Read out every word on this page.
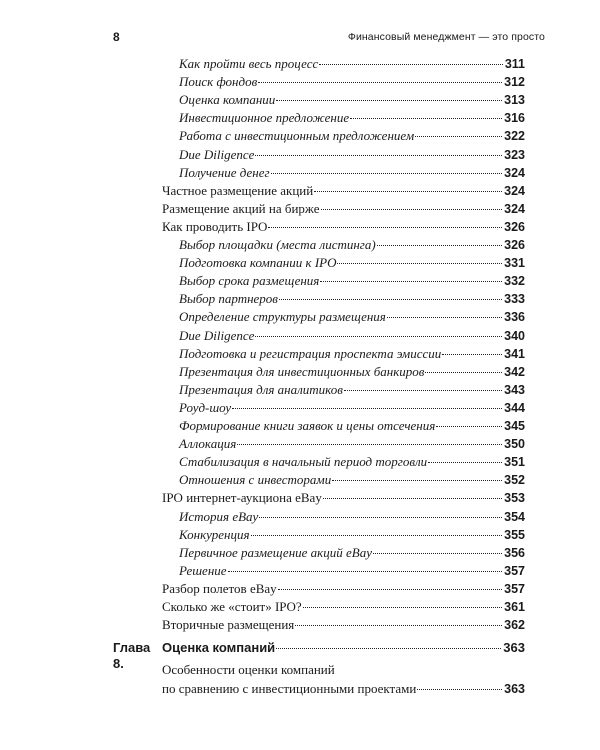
8	Финансовый менеджмент — это просто
Как пройти весь процесс	311
Поиск фондов	312
Оценка компании	313
Инвестиционное предложение	316
Работа с инвестиционным предложением	322
Due Diligence	323
Получение денег	324
Частное размещение акций	324
Размещение акций на бирже	324
Как проводить IPO	326
Выбор площадки (места листинга)	326
Подготовка компании к IPO	331
Выбор срока размещения	332
Выбор партнеров	333
Определение структуры размещения	336
Due Diligence	340
Подготовка и регистрация проспекта эмиссии	341
Презентация для инвестиционных банкиров	342
Презентация для аналитиков	343
Роуд-шоу	344
Формирование книги заявок и цены отсечения	345
Аллокация	350
Стабилизация в начальный период торговли	351
Отношения с инвесторами	352
IPO интернет-аукциона eBay	353
История eBay	354
Конкуренция	355
Первичное размещение акций eBay	356
Решение	357
Разбор полетов eBay	357
Сколько же «стоит» IPO?	361
Вторичные размещения	362
Глава 8.
Оценка компаний	363
Особенности оценки компаний
по сравнению с инвестиционными проектами	363
